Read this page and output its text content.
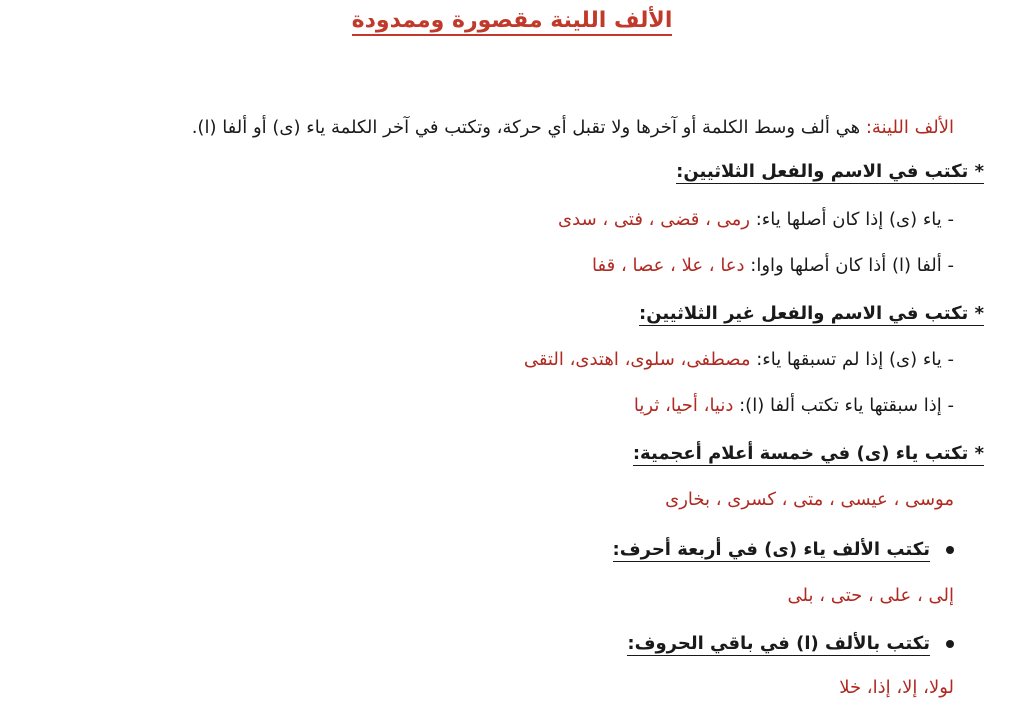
الألف اللينة مقصورة وممدودة
الألف اللينة: هي ألف وسط الكلمة أو آخرها ولا تقبل أي حركة، وتكتب في آخر الكلمة ياء (ى) أو ألفا (ا).
* تكتب في الاسم والفعل الثلاثيين:
- ياء (ى) إذا كان أصلها ياء: رمى ، قضى ، فتى ، سدى
- ألفا (ا) أذا كان أصلها واوا: دعا ، علا ، عصا ، قفا
* تكتب في الاسم والفعل غير الثلاثيين:
- ياء (ى) إذا لم تسبقها ياء: مصطفى، سلوى، اهتدى، التقى
- إذا سبقتها ياء تكتب ألفا (ا): دنيا، أحيا، ثريا
* تكتب ياء (ى) في خمسة أعلام أعجمية:
موسى ، عيسى ، متى ، كسرى ، بخارى
تكتب الألف ياء (ى) في أربعة أحرف:
إلى ، على ، حتى ، بلى
تكتب بالألف (ا) في باقي الحروف:
لولا، إلا، إذا، خلا
